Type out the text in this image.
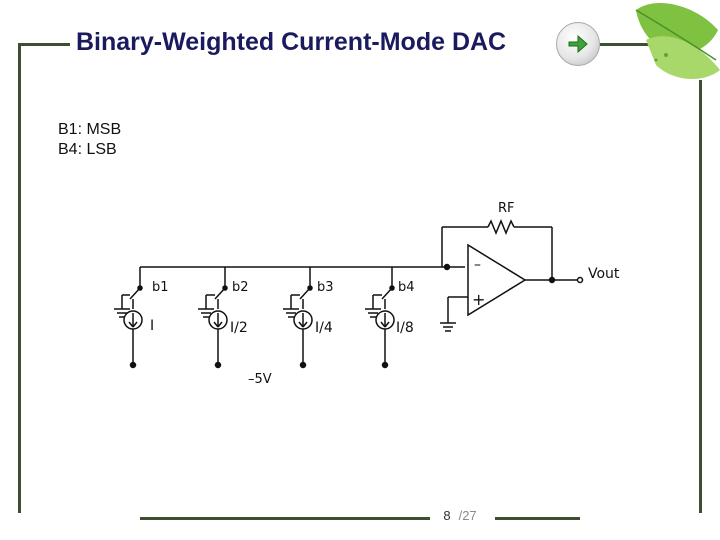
Binary-Weighted Current-Mode DAC
B1: MSB
B4: LSB
RF
–
+
Vout
b1	b2	b3	b4
I	I/2	I/4	I/8
–5V
8 /27
